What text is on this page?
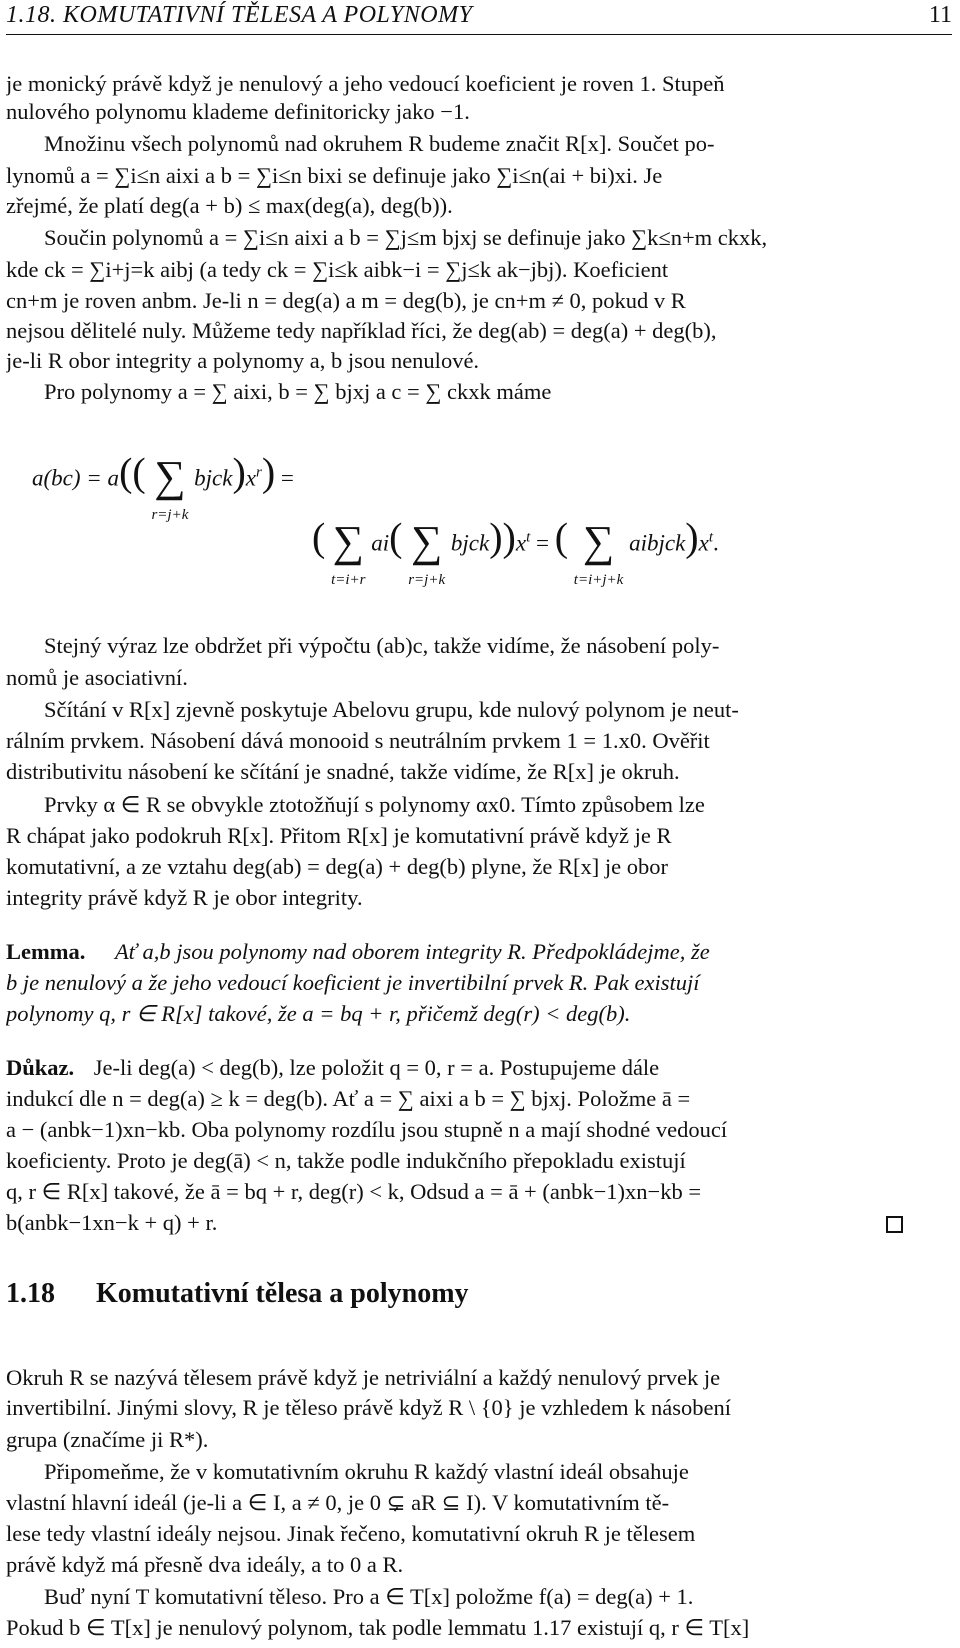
1.18. KOMUTATIVNÍ TĚLESA A POLYNOMY	11
je monický právě když je nenulový a jeho vedoucí koeficient je roven 1. Stupeň
nulového polynomu klademe definitoricky jako −1.
Množinu všech polynomů nad okruhem R budeme značit R[x]. Součet po-
lynomů a = ∑i≤n aixi a b = ∑i≤n bixi se definuje jako ∑i≤n(ai + bi)xi. Je
zřejmé, že platí deg(a + b) ≤ max(deg(a), deg(b)).
Součin polynomů a = ∑i≤n aixi a b = ∑j≤m bjxj se definuje jako ∑k≤n+m ckxk,
kde ck = ∑i+j=k aibj (a tedy ck = ∑i≤k aibk−i = ∑j≤k ak−jbj). Koeficient
cn+m je roven anbm. Je-li n = deg(a) a m = deg(b), je cn+m ≠ 0, pokud v R
nejsou dělitelé nuly. Můžeme tedy například říci, že deg(ab) = deg(a) + deg(b),
je-li R obor integrity a polynomy a, b jsou nenulové.
Pro polynomy a = ∑ aixi, b = ∑ bjxj a c = ∑ ckxk máme
a(bc) = a(( ∑
r=j+k $bjck)x^r$) =
( ∑
t=i+r ai( ∑
r=j+k $bjck))x^t$ = ( ∑
t=i+j+k $aibjck)x^t$.
Stejný výraz lze obdržet při výpočtu (ab)c, takže vidíme, že násobení poly-
nomů je asociativní.
Sčítání v R[x] zjevně poskytuje Abelovu grupu, kde nulový polynom je neut-
rálním prvkem. Násobení dává monooid s neutrálním prvkem 1 = 1.x0. Ověřit
distributivitu násobení ke sčítání je snadné, takže vidíme, že R[x] je okruh.
Prvky α ∈ R se obvykle ztotožňují s polynomy αx0. Tímto způsobem lze
R chápat jako podokruh R[x]. Přitom R[x] je komutativní právě když je R
komutativní, a ze vztahu deg(ab) = deg(a) + deg(b) plyne, že R[x] je obor
integrity právě když R je obor integrity.
Lemma. Ať a,b jsou polynomy nad oborem integrity R. Předpokládejme, že
b je nenulový a že jeho vedoucí koeficient je invertibilní prvek R. Pak existují
polynomy q, r ∈ R[x] takové, že a = bq + r, přičemž deg(r) < deg(b).
Důkaz. Je-li deg(a) < deg(b), lze položit q = 0, r = a. Postupujeme dále
indukcí dle n = deg(a) ≥ k = deg(b). Ať a = ∑ aixi a b = ∑ bjxj. Položme ā =
a − (anbk−1)xn−kb. Oba polynomy rozdílu jsou stupně n a mají shodné vedoucí
koeficienty. Proto je deg(ā) < n, takže podle indukčního přepokladu existují
q, r ∈ R[x] takové, že ā = bq + r, deg(r) < k, Odsud a = ā + (anbk−1)xn−kb =
b(anbk−1xn−k + q) + r.
1.18 Komutativní tělesa a polynomy
Okruh R se nazývá tělesem právě když je netriviální a každý nenulový prvek je
invertibilní. Jinými slovy, R je těleso právě když R \ {0} je vzhledem k násobení
grupa (značíme ji R*).
Připomeňme, že v komutativním okruhu R každý vlastní ideál obsahuje
vlastní hlavní ideál (je-li a ∈ I, a ≠ 0, je 0 ⊊ aR ⊆ I). V komutativním tě-
lese tedy vlastní ideály nejsou. Jinak řečeno, komutativní okruh R je tělesem
právě když má přesně dva ideály, a to 0 a R.
Buď nyní T komutativní těleso. Pro a ∈ T[x] položme f(a) = deg(a) + 1.
Pokud b ∈ T[x] je nenulový polynom, tak podle lemmatu 1.17 existují q, r ∈ T[x]
